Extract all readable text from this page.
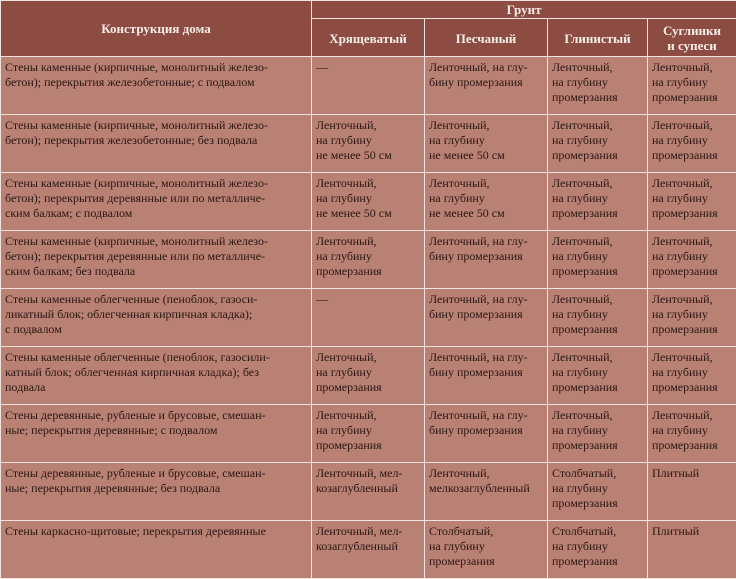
Конструкция дома	Грунт			

	Хрящеватый	Песчаный	Глинистый	Суглинки
и супеси

Стены каменные (кирпичные, монолитный железо-
бетон); перекрытия железобетонные; с подвалом	—	Ленточный, на глу-
бину промерзания	Ленточный,
на глубину
промерзания	Ленточный,
на глубину
промерзания

Стены каменные (кирпичные, монолитный железо-
бетон); перекрытия железобетонные; без подвала	Ленточный,
на глубину
не менее 50 см	Ленточный,
на глубину
не менее 50 см	Ленточный,
на глубину
промерзания	Ленточный,
на глубину
промерзания

Стены каменные (кирпичные, монолитный железо-
бетон); перекрытия деревянные или по металличе-
ским балкам; с подвалом	Ленточный,
на глубину
не менее 50 см	Ленточный,
на глубину
не менее 50 см	Ленточный,
на глубину
промерзания	Ленточный,
на глубину
промерзания

Стены каменные (кирпичные, монолитный железо-
бетон); перекрытия деревянные или по металличе-
ским балкам; без подвала	Ленточный,
на глубину
промерзания	Ленточный, на глу-
бину промерзания	Ленточный,
на глубину
промерзания	Ленточный,
на глубину
промерзания

Стены каменные облегченные (пеноблок, газоси-
ликатный блок; облегченная кирпичная кладка);
с подвалом	—	Ленточный, на глу-
бину промерзания	Ленточный,
на глубину
промерзания	Ленточный,
на глубину
промерзания

Стены каменные облегченные (пеноблок, газосили-
катный блок; облегченная кирпичная кладка); без
подвала	Ленточный,
на глубину
промерзания	Ленточный, на глу-
бину промерзания	Ленточный,
на глубину
промерзания	Ленточный,
на глубину
промерзания

Стены деревянные, рубленые и брусовые, смешан-
ные; перекрытия деревянные; с подвалом	Ленточный,
на глубину
промерзания	Ленточный, на глу-
бину промерзания	Ленточный,
на глубину
промерзания	Ленточный,
на глубину
промерзания

Стены деревянные, рубленые и брусовые, смешан-
ные; перекрытия деревянные; без подвала	Ленточный, мел-
козаглубленный	Ленточный,
мелкозаглубленный	Столбчатый,
на глубину
промерзания	Плитный

Стены каркасно-щитовые; перекрытия деревянные	Ленточный, мел-
козаглубленный	Столбчатый,
на глубину
промерзания	Столбчатый,
на глубину
промерзания	Плитный
